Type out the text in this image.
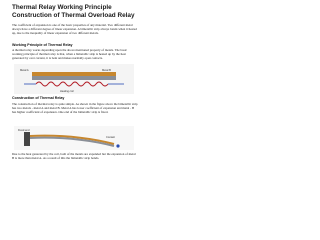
Thermal Relay Working Principle Construction of Thermal Overload Relay
The coefficient of expansion is one of the basic properties of any material. Two different metal always have a different degree of linear expansion. A bimetallic strip always bends when it heated up, due to the inequality of linear expansion of two different metals.
Working Principle of Thermal Relay
A thermal relay works depending upon the above mentioned property of metals. The basic working principle of thermal relay is that, when a bimetallic strip is heated up by the heat generated by over current, it is bent and makes normally open contacts.
Metal A	Metal B
Heating coil
Construction of Thermal Relay
The construction of thermal relay is quite simple. As shown in the figure above the bimetallic strip has two metals - metal A and metal B. Metal A has lower coefficient of expansion and metal - B has higher coefficient of expansion. One end of the bimetallic strip is fixed.
Fixed end
Contact
Due to the heat generated by the coil, both of the metals are expanded but the expansion of metal B is more than metal A. As a result of this the bimetallic strip bends.
